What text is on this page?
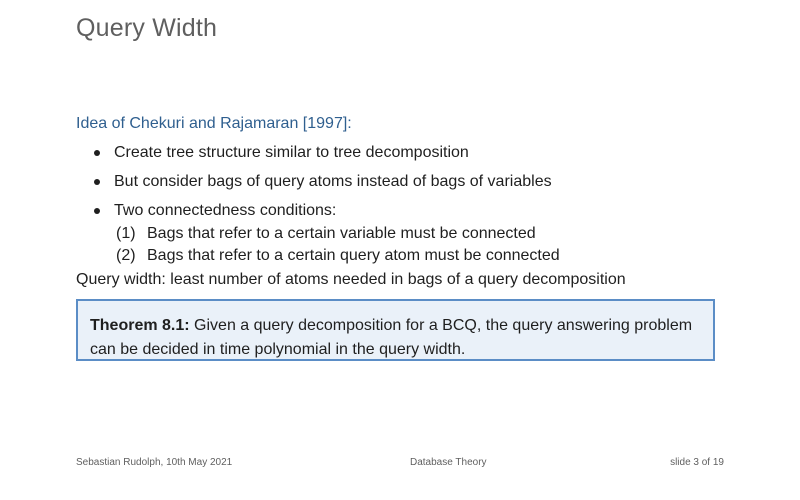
Query Width
Idea of Chekuri and Rajamaran [1997]:
Create tree structure similar to tree decomposition
But consider bags of query atoms instead of bags of variables
Two connectedness conditions:
(1) Bags that refer to a certain variable must be connected
(2) Bags that refer to a certain query atom must be connected
Query width: least number of atoms needed in bags of a query decomposition
Theorem 8.1: Given a query decomposition for a BCQ, the query answering problem can be decided in time polynomial in the query width.
Sebastian Rudolph, 10th May 2021	Database Theory	slide 3 of 19
